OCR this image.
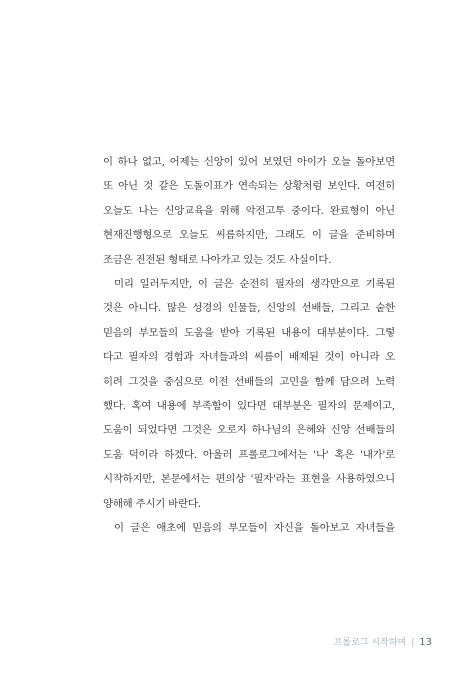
이 하나 없고, 어제는 신앙이 있어 보였던 아이가 오늘 돌아보면
또 아닌 것 같은 도돌이표가 연속되는 상황처럼 보인다. 여전히
오늘도 나는 신앙교육을 위해 악전고투 중이다. 완료형이 아닌
현재진행형으로 오늘도 씨름하지만, 그래도 이 글을 준비하며
조금은 진전된 형태로 나아가고 있는 것도 사실이다.

미리 일러두지만, 이 글은 순전히 필자의 생각만으로 기록된
것은 아니다. 많은 성경의 인물들, 신앙의 선배들, 그리고 숱한
믿음의 부모들의 도움을 받아 기록된 내용이 대부분이다. 그렇
다고 필자의 경험과 자녀들과의 씨름이 배제된 것이 아니라 오
히려 그것을 중심으로 이전 선배들의 고민을 함께 담으려 노력
했다. 혹여 내용에 부족함이 있다면 대부분은 필자의 문제이고,
도움이 되었다면 그것은 오로지 하나님의 은혜와 신앙 선배들의
도움 덕이라 하겠다. 아울러 프롤로그에서는 '나' 혹은 '내가'로
시작하지만, 본문에서는 편의상 '필자'라는 표현을 사용하였으니
양해해 주시기 바란다.

이 글은 애초에 믿음의 부모들이 자신을 돌아보고 자녀들을

프롤로그 시작하며 | 13
